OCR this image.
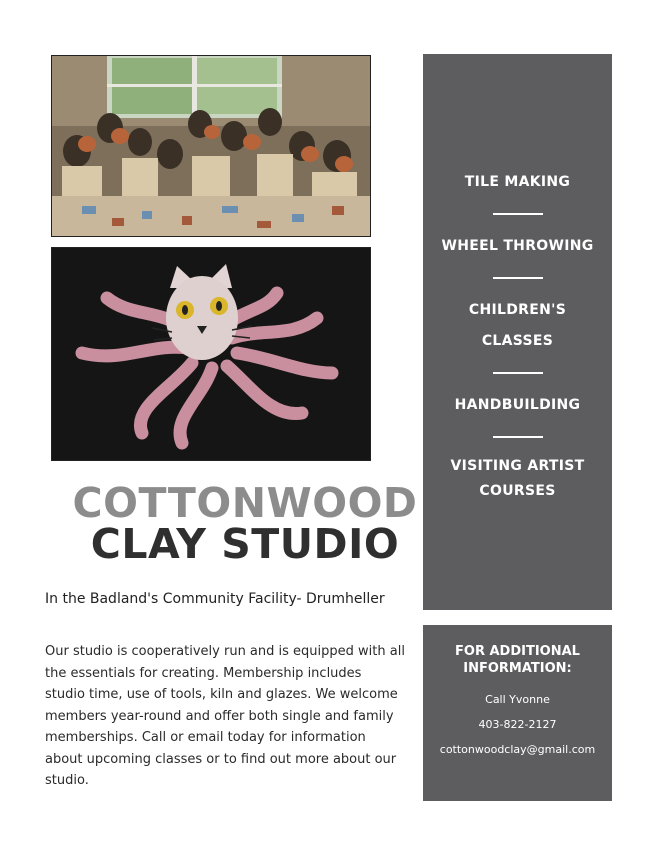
COTTONWOOD
CLAY STUDIO
In the Badland's Community Facility- Drumheller

Our studio is cooperatively run and is equipped with all the essentials for creating. Membership includes studio time, use of tools, kiln and glazes. We welcome members year-round and offer both single and family memberships. Call or email today for information about upcoming classes or to find out more about our studio.

TILE MAKING
WHEEL THROWING
CHILDREN'S
CLASSES
HANDBUILDING
VISITING ARTIST
COURSES
FOR ADDITIONAL
INFORMATION:
Call Yvonne
403-822-2127
cottonwoodclay@gmail.com
